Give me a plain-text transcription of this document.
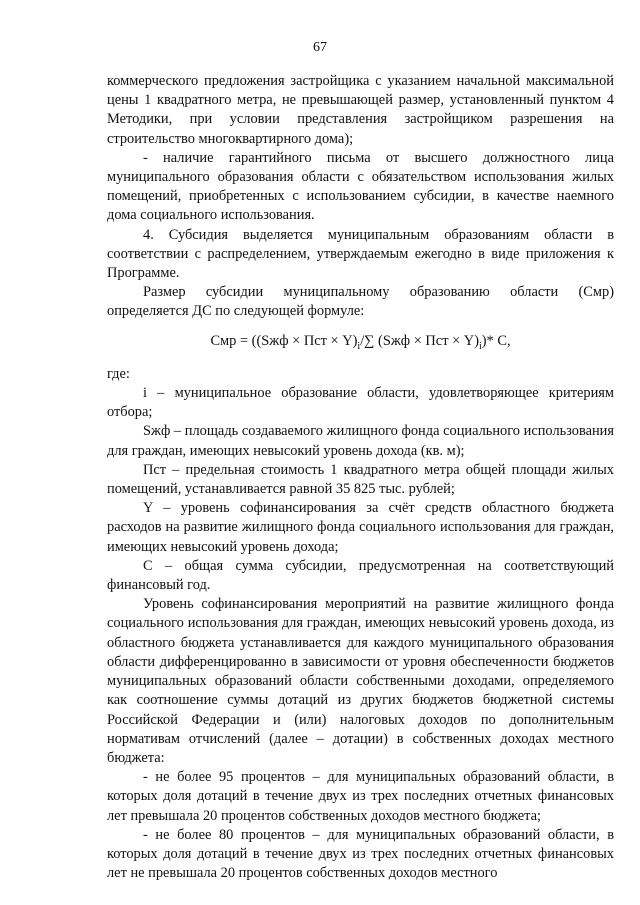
67

коммерческого предложения застройщика с указанием начальной максимальной цены 1 квадратного метра, не превышающей размер, установленный пунктом 4 Методики, при условии представления застройщиком разрешения на строительство многоквартирного дома);

- наличие гарантийного письма от высшего должностного лица муниципального образования области с обязательством использования жилых помещений, приобретенных с использованием субсидии, в качестве наемного дома социального использования.

4. Субсидия выделяется муниципальным образованиям области в соответствии с распределением, утверждаемым ежегодно в виде приложения к Программе.

Размер субсидии муниципальному образованию области (Смр) определяется ДС по следующей формуле:

Смр = ((Sжф × Пст × $Y)_i/\sum$ (Sжф × Пст × $Y)_i)*$ С,

где:

i – муниципальное образование области, удовлетворяющее критериям отбора;

Sжф – площадь создаваемого жилищного фонда социального использования для граждан, имеющих невысокий уровень дохода (кв. м);

Пст – предельная стоимость 1 квадратного метра общей площади жилых помещений, устанавливается равной 35 825 тыс. рублей;

Y – уровень софинансирования за счёт средств областного бюджета расходов на развитие жилищного фонда социального использования для граждан, имеющих невысокий уровень дохода;

С – общая сумма субсидии, предусмотренная на соответствующий финансовый год.

Уровень софинансирования мероприятий на развитие жилищного фонда социального использования для граждан, имеющих невысокий уровень дохода, из областного бюджета устанавливается для каждого муниципального образования области дифференцированно в зависимости от уровня обеспеченности бюджетов муниципальных образований области собственными доходами, определяемого как соотношение суммы дотаций из других бюджетов бюджетной системы Российской Федерации и (или) налоговых доходов по дополнительным нормативам отчислений (далее – дотации) в собственных доходах местного бюджета:

- не более 95 процентов – для муниципальных образований области, в которых доля дотаций в течение двух из трех последних отчетных финансовых лет превышала 20 процентов собственных доходов местного бюджета;

- не более 80 процентов – для муниципальных образований области, в которых доля дотаций в течение двух из трех последних отчетных финансовых лет не превышала 20 процентов собственных доходов местного
